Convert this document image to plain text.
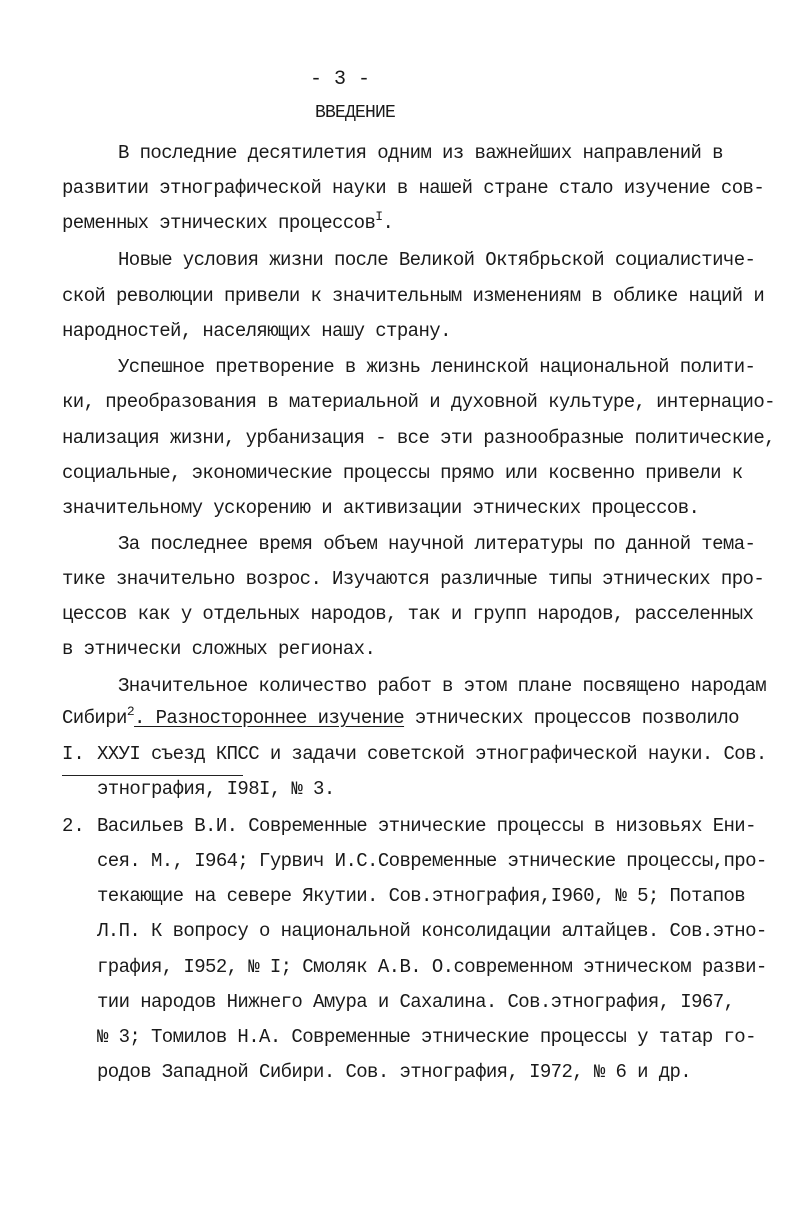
- 3 -
ВВЕДЕНИЕ
В последние десятилетия одним из важнейших направлений в
развитии этнографической науки в нашей стране стало изучение сов-
ременных этнических процессов$^I$.
Новые условия жизни после Великой Октябрьской социалистиче-
ской революции привели к значительным изменениям в облике наций и
народностей, населяющих нашу страну.
Успешное претворение в жизнь ленинской национальной полити-
ки, преобразования в материальной и духовной культуре, интернацио-
нализация жизни, урбанизация - все эти разнообразные политические,
социальные, экономические процессы прямо или косвенно привели к
значительному ускорению и активизации этнических процессов.
За последнее время объем научной литературы по данной тема-
тике значительно возрос. Изучаются различные типы этнических про-
цессов как у отдельных народов, так и групп народов, расселенных
в этнически сложных регионах.
Значительное количество работ в этом плане посвящено народам
Сибири$^2$. Разностороннее изучение этнических процессов позволило
I. XXУI съезд КПСС и задачи советской этнографической науки. Сов.
этнография, I98I, № 3.
2. Васильев В.И. Современные этнические процессы в низовьях Ени-
сея. М., I964; Гурвич И.С.Современные этнические процессы,про-
текающие на севере Якутии. Сов.этнография,I960, № 5; Потапов
Л.П. К вопросу о национальной консолидации алтайцев. Сов.этно-
графия, I952, № I; Смоляк А.В. О.современном этническом разви-
тии народов Нижнего Амура и Сахалина. Сов.этнография, I967,
№ 3; Томилов Н.А. Современные этнические процессы у татар го-
родов Западной Сибири. Сов. этнография, I972, № 6 и др.
